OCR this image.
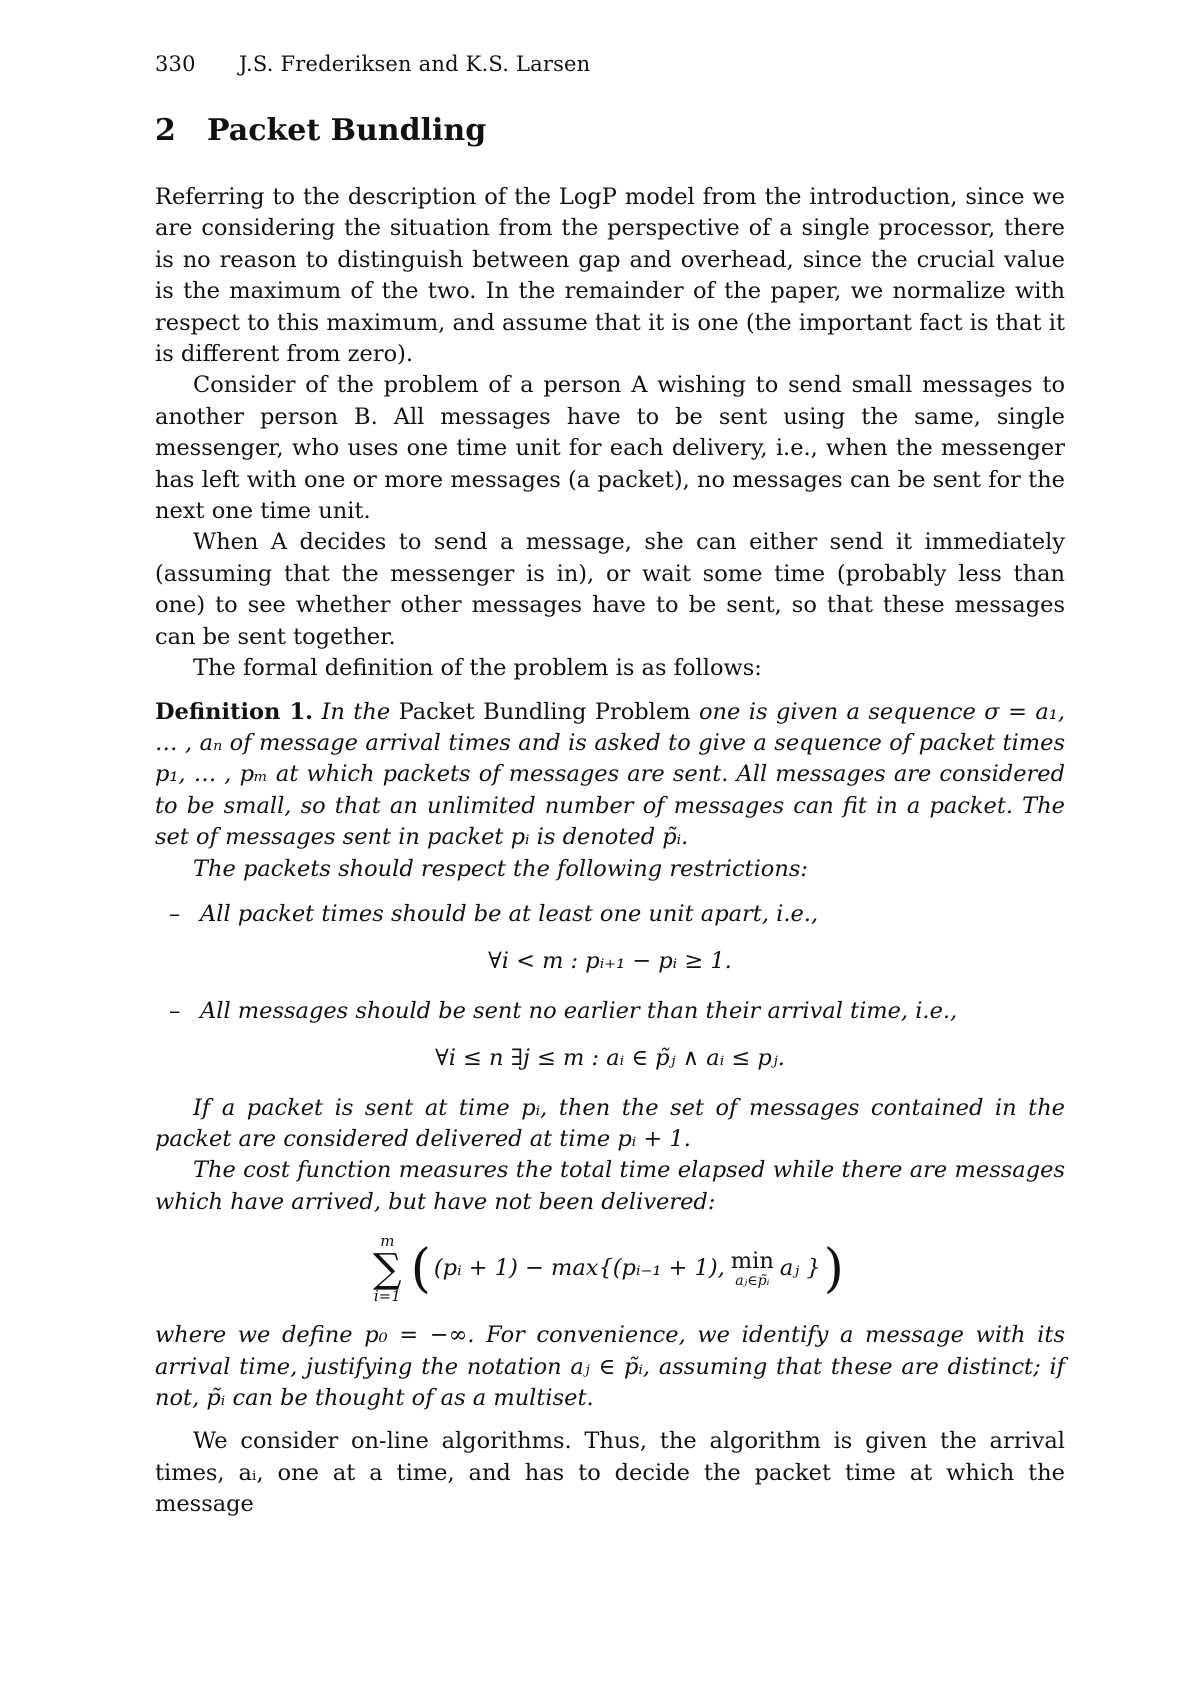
330 J.S. Frederiksen and K.S. Larsen
2 Packet Bundling

Referring to the description of the LogP model from the introduction, since we are considering the situation from the perspective of a single processor, there is no reason to distinguish between gap and overhead, since the crucial value is the maximum of the two. In the remainder of the paper, we normalize with respect to this maximum, and assume that it is one (the important fact is that it is different from zero).

Consider of the problem of a person A wishing to send small messages to another person B. All messages have to be sent using the same, single messenger, who uses one time unit for each delivery, i.e., when the messenger has left with one or more messages (a packet), no messages can be sent for the next one time unit.

When A decides to send a message, she can either send it immediately (assuming that the messenger is in), or wait some time (probably less than one) to see whether other messages have to be sent, so that these messages can be sent together.

The formal definition of the problem is as follows:

Definition 1. In the Packet Bundling Problem one is given a sequence σ = a₁, … , aₙ of message arrival times and is asked to give a sequence of packet times p₁, … , pₘ at which packets of messages are sent. All messages are considered to be small, so that an unlimited number of messages can fit in a packet. The set of messages sent in packet pᵢ is denoted p̃ᵢ.

The packets should respect the following restrictions:

– All packet times should be at least one unit apart, i.e.,
∀i < m : pᵢ₊₁ − pᵢ ≥ 1.
– All messages should be sent no earlier than their arrival time, i.e.,
∀i ≤ n ∃j ≤ m : aᵢ ∈ p̃ⱼ ∧ aᵢ ≤ pⱼ.

If a packet is sent at time pᵢ, then the set of messages contained in the packet are considered delivered at time pᵢ + 1.

The cost function measures the total time elapsed while there are messages which have arrived, but have not been delivered:

m
∑
i=1 ( (pᵢ + 1) − max{(pᵢ₋₁ + 1), min
aⱼ∈p̃ᵢ aⱼ } )

where we define p₀ = −∞. For convenience, we identify a message with its arrival time, justifying the notation aⱼ ∈ p̃ᵢ, assuming that these are distinct; if not, p̃ᵢ can be thought of as a multiset.

We consider on-line algorithms. Thus, the algorithm is given the arrival times, aᵢ, one at a time, and has to decide the packet time at which the message
